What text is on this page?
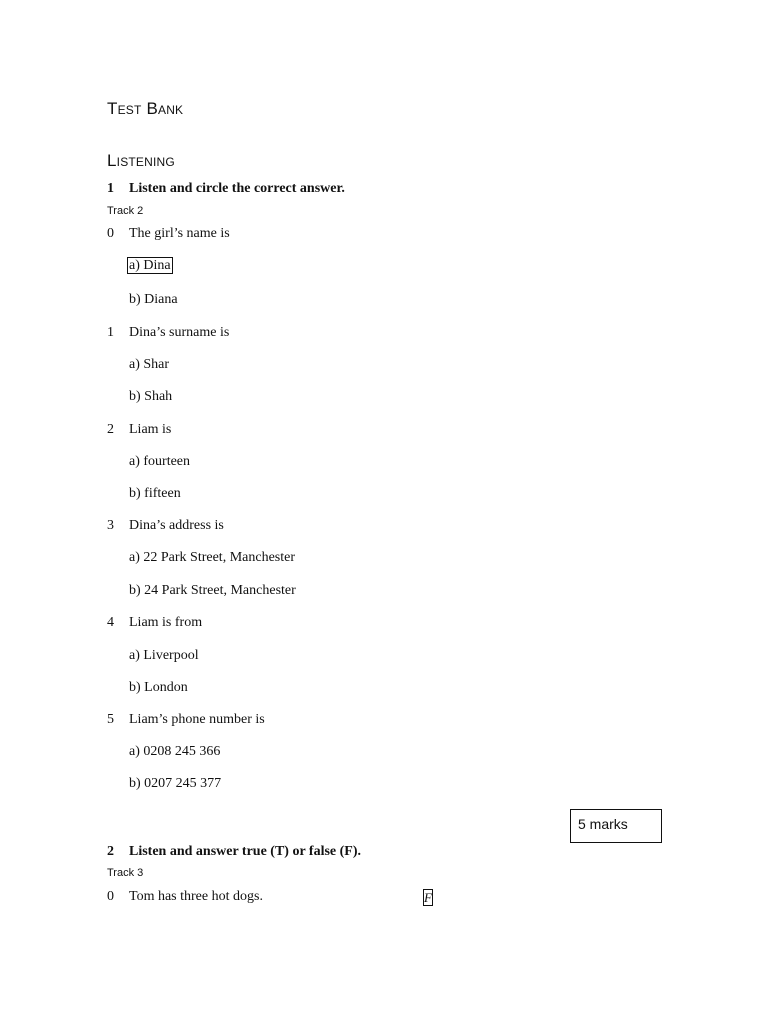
Test Bank
Listening
1 Listen and circle the correct answer.
Track 2
0 The girl’s name is
a) Dina
b) Diana
1 Dina’s surname is
a) Shar
b) Shah
2 Liam is
a) fourteen
b) fifteen
3 Dina’s address is
a) 22 Park Street, Manchester
b) 24 Park Street, Manchester
4 Liam is from
a) Liverpool
b) London
5 Liam’s phone number is
a) 0208 245 366
b) 0207 245 377
5 marks
2 Listen and answer true (T) or false (F).
Track 3
0 Tom has three hot dogs.	F
